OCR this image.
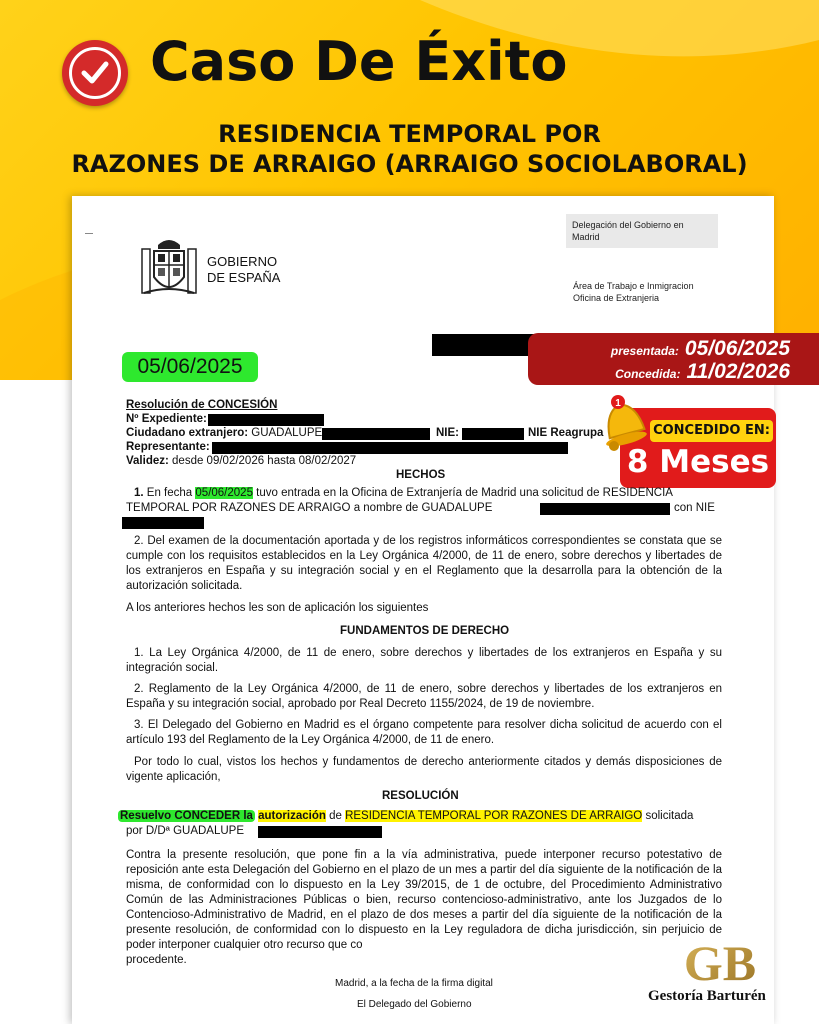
Caso De Éxito
RESIDENCIA TEMPORAL POR
RAZONES DE ARRAIGO (ARRAIGO SOCIOLABORAL)
GOBIERNO
DE ESPAÑA
Delegación del Gobierno en
Madrid
Área de Trabajo e Inmigracion
Oficina de Extranjeria
05/06/2025
presentada: 05/06/2025
Concedida: 11/02/2026
CONCEDIDO EN:
8 Meses
1
Resolución de CONCESIÓN
Nº Expediente:
Ciudadano extranjero: GUADALUPE	NIE:	NIE Reagrupa
Representante:
Validez: desde 09/02/2026 hasta 08/02/2027
HECHOS
1. En fecha 05/06/2025 tuvo entrada en la Oficina de Extranjería de Madrid una solicitud de RESIDENCIA
TEMPORAL POR RAZONES DE ARRAIGO a nombre de GUADALUPE	con NIE
2. Del examen de la documentación aportada y de los registros informáticos correspondientes se constata que se cumple con los requisitos establecidos en la Ley Orgánica 4/2000, de 11 de enero, sobre derechos y libertades de los extranjeros en España y su integración social y en el Reglamento que la desarrolla para la obtención de la autorización solicitada.
A los anteriores hechos les son de aplicación los siguientes
FUNDAMENTOS DE DERECHO
1. La Ley Orgánica 4/2000, de 11 de enero, sobre derechos y libertades de los extranjeros en España y su integración social.
2. Reglamento de la Ley Orgánica 4/2000, de 11 de enero, sobre derechos y libertades de los extranjeros en España y su integración social, aprobado por Real Decreto 1155/2024, de 19 de noviembre.
3. El Delegado del Gobierno en Madrid es el órgano competente para resolver dicha solicitud de acuerdo con el artículo 193 del Reglamento de la Ley Orgánica 4/2000, de 11 de enero.
Por todo lo cual, vistos los hechos y fundamentos de derecho anteriormente citados y demás disposiciones de vigente aplicación,
RESOLUCIÓN
Resuelvo CONCEDER la autorización de RESIDENCIA TEMPORAL POR RAZONES DE ARRAIGO solicitada
por D/Dª GUADALUPE
Contra la presente resolución, que pone fin a la vía administrativa, puede interponer recurso potestativo de reposición ante esta Delegación del Gobierno en el plazo de un mes a partir del día siguiente de la notificación de la misma, de conformidad con lo dispuesto en la Ley 39/2015, de 1 de octubre, del Procedimiento Administrativo Común de las Administraciones Públicas o bien, recurso contencioso-administrativo, ante los Juzgados de lo Contencioso-Administrativo de Madrid, en el plazo de dos meses a partir del día siguiente de la notificación de la presente resolución, de conformidad con lo dispuesto en la Ley reguladora de dicha jurisdicción, sin perjuicio de poder interponer cualquier otro recurso que co
procedente.
Madrid, a la fecha de la firma digital
El Delegado del Gobierno
GB
Gestoría Barturén
